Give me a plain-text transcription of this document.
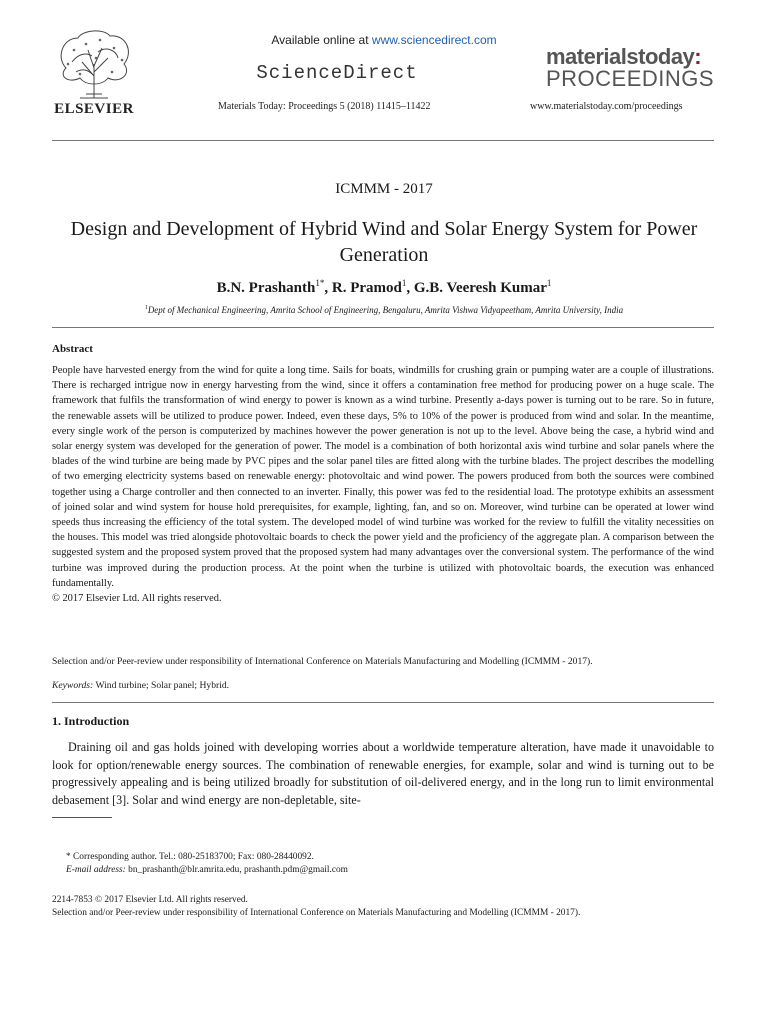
ELSEVIER
Available online at www.sciencedirect.com
ScienceDirect
Materials Today: Proceedings 5 (2018) 11415–11422
materialstoday:
PROCEEDINGS
www.materialstoday.com/proceedings
ICMMM - 2017
Design and Development of Hybrid Wind and Solar Energy System for Power Generation
B.N. Prashanth$^{1*}$, R. Pramod$^1$, G.B. Veeresh Kumar$^1$
$^1$Dept of Mechanical Engineering, Amrita School of Engineering, Bengaluru, Amrita Vishwa Vidyapeetham, Amrita University, India
Abstract

People have harvested energy from the wind for quite a long time. Sails for boats, windmills for crushing grain or pumping water are a couple of illustrations. There is recharged intrigue now in energy harvesting from the wind, since it offers a contamination free method for producing power on a huge scale. The framework that fulfils the transformation of wind energy to power is known as a wind turbine. Presently a-days power is turning out to be rare. So in future, the renewable assets will be utilized to produce power. Indeed, even these days, 5% to 10% of the power is produced from wind and solar. In the meantime, every single work of the person is computerized by machines however the power generation is not up to the level. Above being the case, a hybrid wind and solar energy system was developed for the generation of power. The model is a combination of both horizontal axis wind turbine and solar panels where the blades of the wind turbine are being made by PVC pipes and the solar panel tiles are fitted along with the turbine blades. The project describes the modelling of two emerging electricity systems based on renewable energy: photovoltaic and wind power. The powers produced from both the sources were combined together using a Charge controller and then connected to an inverter. Finally, this power was fed to the residential load. The prototype exhibits an assessment of joined solar and wind system for house hold prerequisites, for example, lighting, fan, and so on. Moreover, wind turbine can be operated at lower wind speeds thus increasing the efficiency of the total system. The developed model of wind turbine was worked for the review to fulfill the vitality necessities on the houses. This model was tried alongside photovoltaic boards to check the power yield and the proficiency of the aggregate plan. A comparison between the suggested system and the proposed system proved that the proposed system had many advantages over the conversional system. The performance of the wind turbine was improved during the production process. At the point when the turbine is utilized with photovoltaic boards, the execution was enhanced fundamentally.

© 2017 Elsevier Ltd. All rights reserved.

Selection and/or Peer-review under responsibility of International Conference on Materials Manufacturing and Modelling (ICMMM - 2017).
Keywords: Wind turbine; Solar panel; Hybrid.
1. Introduction

Draining oil and gas holds joined with developing worries about a worldwide temperature alteration, have made it unavoidable to look for option/renewable energy sources. The combination of renewable energies, for example, solar and wind is turning out to be progressively appealing and is being utilized broadly for substitution of oil-delivered energy, and in the long run to limit environmental debasement [3]. Solar and wind energy are non-depletable, site-

* Corresponding author. Tel.: 080-25183700; Fax: 080-28440092.
E-mail address: bn_prashanth@blr.amrita.edu, prashanth.pdm@gmail.com
2214-7853 © 2017 Elsevier Ltd. All rights reserved.
Selection and/or Peer-review under responsibility of International Conference on Materials Manufacturing and Modelling (ICMMM - 2017).
